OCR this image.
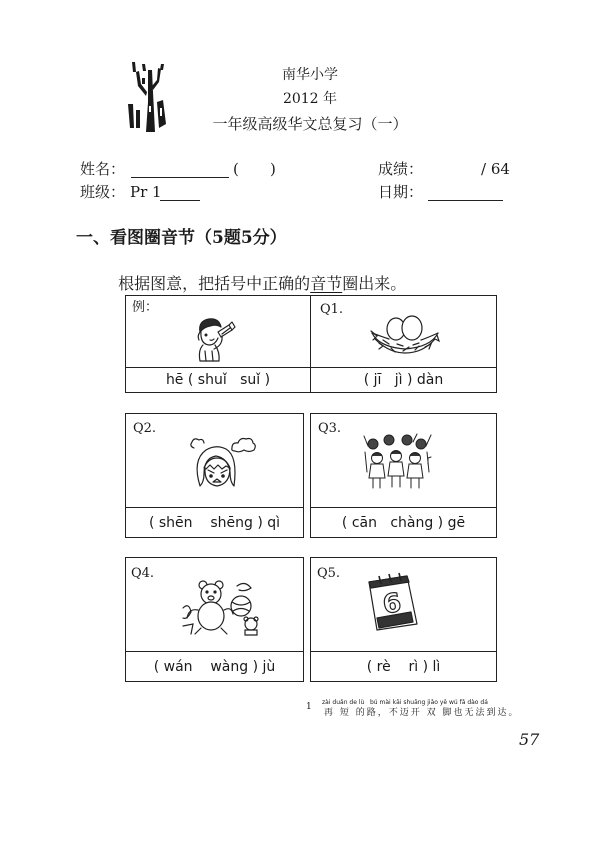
南华小学
2012 年
一年级高级华文总复习（一）
姓名：	( )	成绩：	/ 64
班级： Pr 1	日期：
一、看图圈音节（5题5分）

根据图意，把括号中正确的音节圈出来。

例：
hē ( shuǐ   suǐ )
Q1.
( jī   jì ) dàn
Q2.
( shēn    shēng ) qì
Q3.
( cān   chàng ) gē
Q4.
( wán    wàng ) jù
Q5.
6
( rè    rì ) lì
1 zài duǎn de lù   bú mài kāi shuāng jiǎo yě wú fǎ dào dá
再 短 的路，不迈开 双 脚也无法到达。
57
